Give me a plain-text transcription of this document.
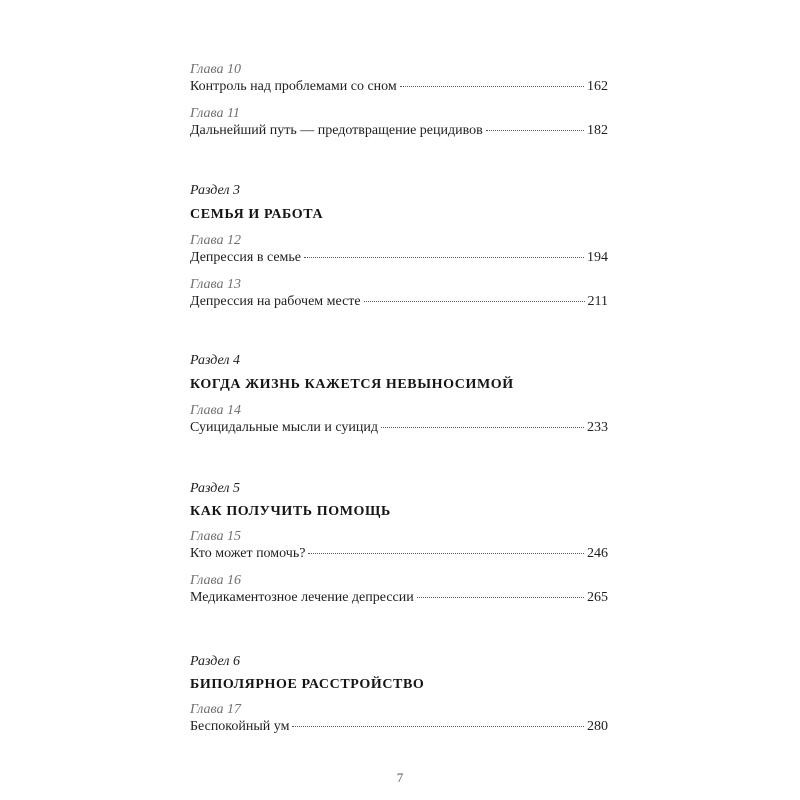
Глава 10
Контроль над проблемами со сном	162
Глава 11
Дальнейший путь — предотвращение рецидивов	182
Раздел 3
СЕМЬЯ И РАБОТА
Глава 12
Депрессия в семье	194
Глава 13
Депрессия на рабочем месте	211
Раздел 4
КОГДА ЖИЗНЬ КАЖЕТСЯ НЕВЫНОСИМОЙ
Глава 14
Суицидальные мысли и суицид	233
Раздел 5
КАК ПОЛУЧИТЬ ПОМОЩЬ
Глава 15
Кто может помочь?	246
Глава 16
Медикаментозное лечение депрессии	265
Раздел 6
БИПОЛЯРНОЕ РАССТРОЙСТВО
Глава 17
Беспокойный ум	280
7
